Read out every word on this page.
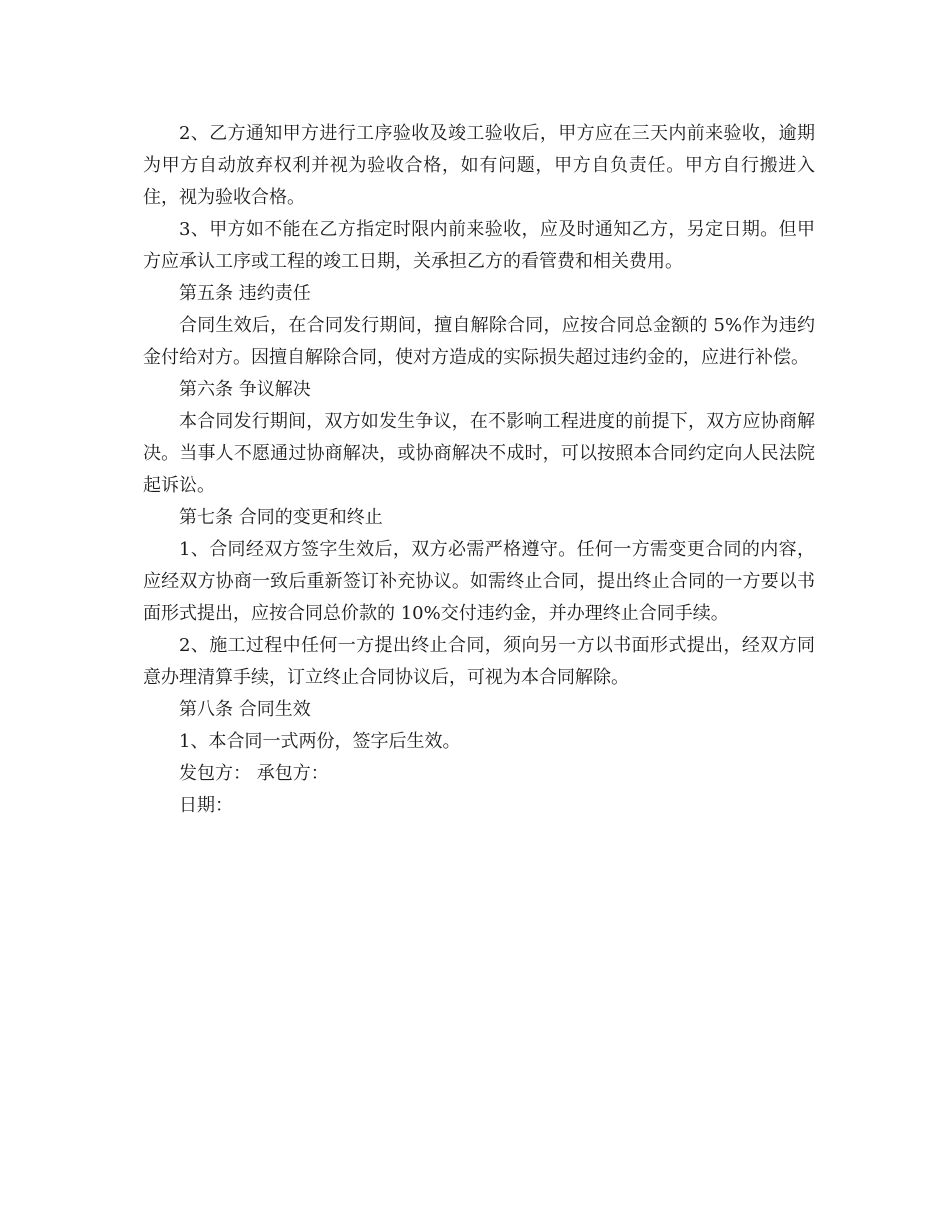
2、乙方通知甲方进行工序验收及竣工验收后，甲方应在三天内前来验收，逾期为甲方自动放弃权利并视为验收合格，如有问题，甲方自负责任。甲方自行搬进入住，视为验收合格。

3、甲方如不能在乙方指定时限内前来验收，应及时通知乙方，另定日期。但甲方应承认工序或工程的竣工日期，关承担乙方的看管费和相关费用。

第五条 违约责任

合同生效后，在合同发行期间，擅自解除合同，应按合同总金额的 5%作为违约金付给对方。因擅自解除合同，使对方造成的实际损失超过违约金的，应进行补偿。

第六条 争议解决

本合同发行期间，双方如发生争议，在不影响工程进度的前提下，双方应协商解决。当事人不愿通过协商解决，或协商解决不成时，可以按照本合同约定向人民法院起诉讼。

第七条 合同的变更和终止

1、合同经双方签字生效后，双方必需严格遵守。任何一方需变更合同的内容，应经双方协商一致后重新签订补充协议。如需终止合同，提出终止合同的一方要以书面形式提出，应按合同总价款的 10%交付违约金，并办理终止合同手续。

2、施工过程中任何一方提出终止合同，须向另一方以书面形式提出，经双方同意办理清算手续，订立终止合同协议后，可视为本合同解除。

第八条 合同生效

1、本合同一式两份，签字后生效。

发包方： 承包方：

日期：
